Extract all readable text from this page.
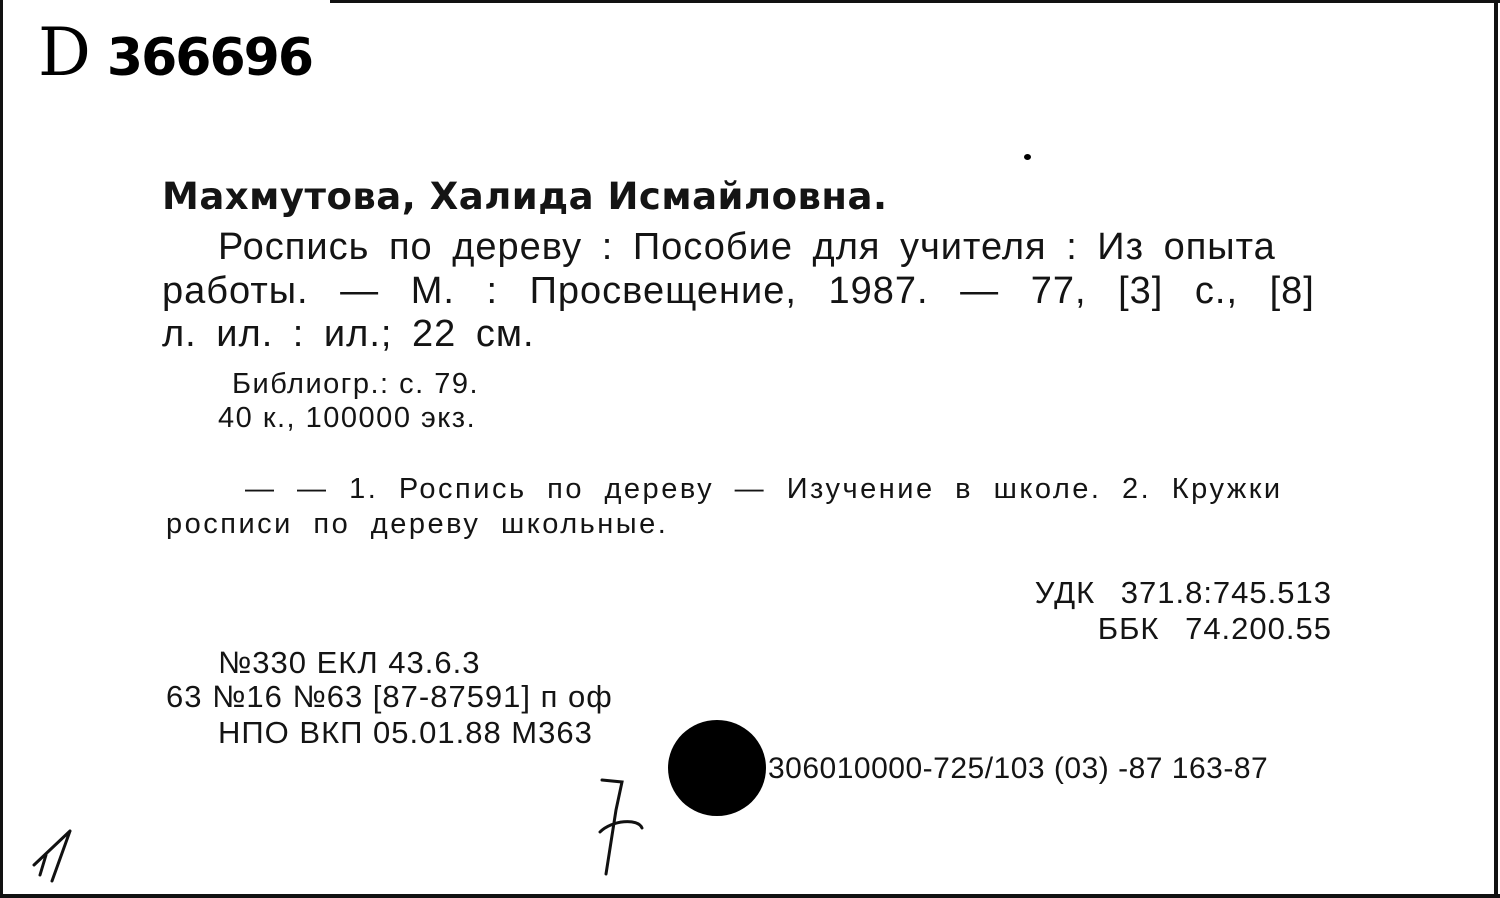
D 366696
Махмутова, Халида Исмайловна.
Роспись по дереву : Пособие для учителя : Из опыта
работы. — М. : Просвещение, 1987. — 77, [3] с., [8]
л. ил. : ил.; 22 см.
Библиогр.: с. 79.
40 к., 100000 экз.
— — 1. Роспись по дереву — Изучение в школе. 2. Кружки
росписи по дереву школьные.
УДК 371.8:745.513
ББК 74.200.55
№330 ЕКЛ 43.6.3
63 №16 №63 [87-87591] п оф
НПО ВКП 05.01.88 М363
306010000-725/103 (03) -87 163-87
